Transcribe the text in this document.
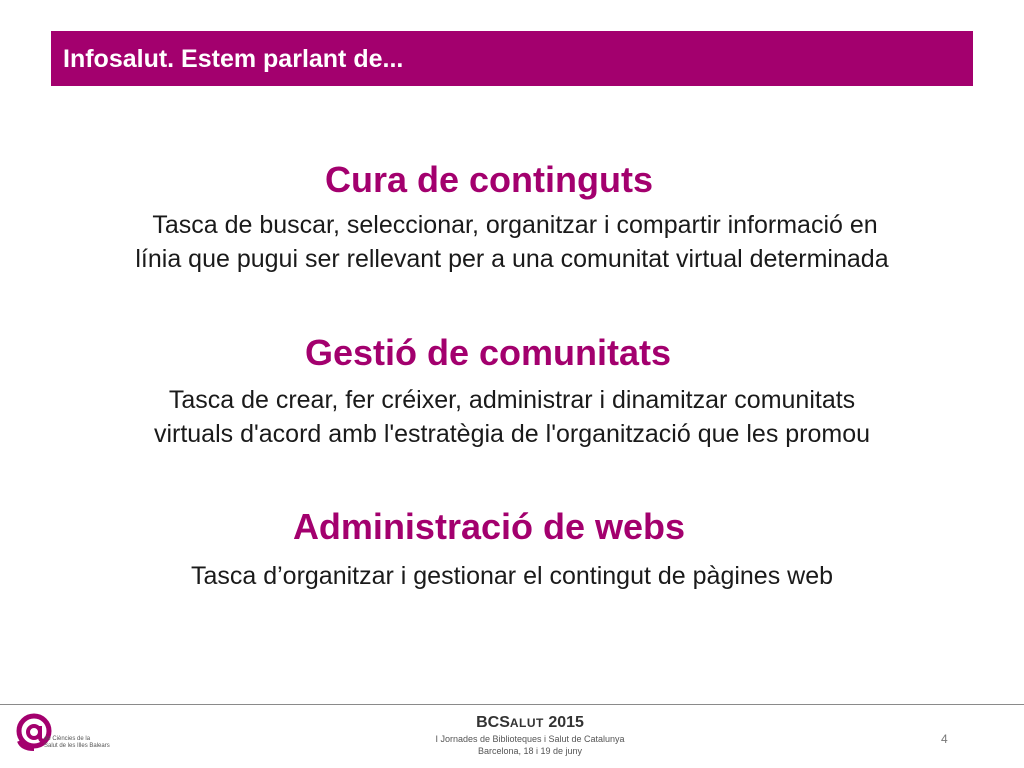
Infosalut. Estem parlant de...
Cura de continguts
Tasca de buscar, seleccionar, organitzar i compartir informació en
línia que pugui ser rellevant per a una comunitat virtual determinada
Gestió de comunitats
Tasca de crear, fer créixer, administrar i dinamitzar comunitats
virtuals d'acord amb l'estratègia de l'organització que les promou
Administració de webs
Tasca d’organitzar i gestionar el contingut de pàgines web
de Ciències de la
Salut de les Illes Balears
BCSALUT 2015
I Jornades de Biblioteques i Salut de Catalunya
Barcelona, 18 i 19 de juny
4
